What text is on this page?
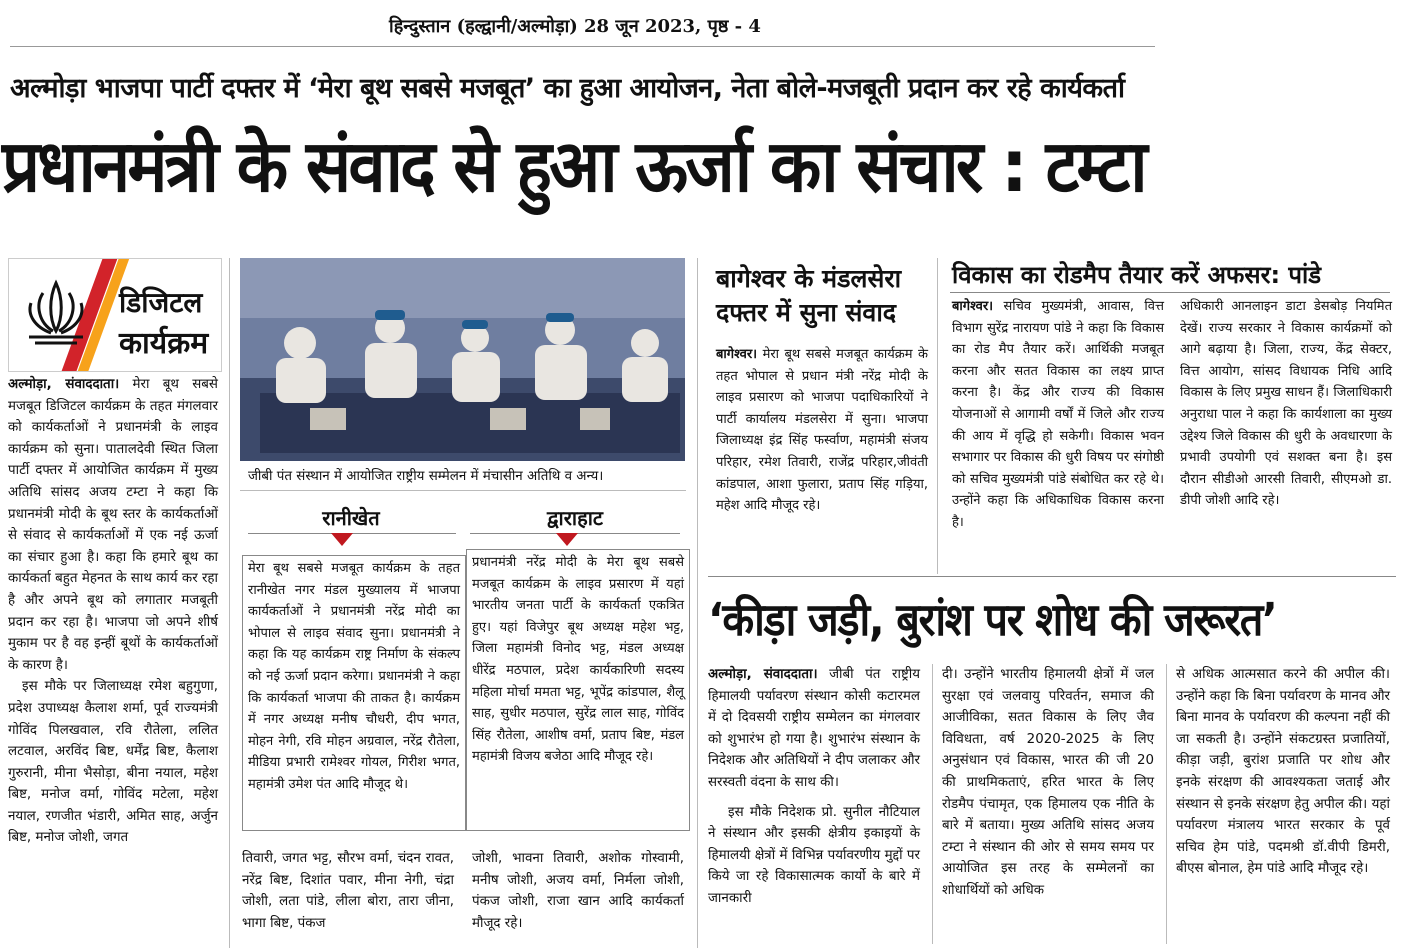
हिन्दुस्तान (हल्द्वानी/अल्मोड़ा) 28 जून 2023, पृष्ठ - 4
अल्मोड़ा भाजपा पार्टी दफ्तर में ‘मेरा बूथ सबसे मजबूत’ का हुआ आयोजन, नेता बोले-मजबूती प्रदान कर रहे कार्यकर्ता
प्रधानमंत्री के संवाद से हुआ ऊर्जा का संचार : टम्टा
डिजिटल
कार्यक्रम

अल्मोड़ा, संवाददाता। मेरा बूथ सबसे मजबूत डिजिटल कार्यक्रम के तहत मंगलवार को कार्यकर्ताओं ने प्रधानमंत्री के लाइव कार्यक्रम को सुना। पातालदेवी स्थित जिला पार्टी दफ्तर में आयोजित कार्यक्रम में मुख्य अतिथि सांसद अजय टम्टा ने कहा कि प्रधानमंत्री मोदी के बूथ स्तर के कार्यकर्ताओं से संवाद से कार्यकर्ताओं में एक नई ऊर्जा का संचार हुआ है। कहा कि हमारे बूथ का कार्यकर्ता बहुत मेहनत के साथ कार्य कर रहा है और अपने बूथ को लगातार मजबूती प्रदान कर रहा है। भाजपा जो अपने शीर्ष मुकाम पर है वह इन्हीं बूथों के कार्यकर्ताओं के कारण है।

इस मौके पर जिलाध्यक्ष रमेश बहुगुणा, प्रदेश उपाध्यक्ष कैलाश शर्मा, पूर्व राज्यमंत्री गोविंद पिलखवाल, रवि रौतेला, ललित लटवाल, अरविंद बिष्ट, धर्मेंद्र बिष्ट, कैलाश गुरुरानी, मीना भैसोड़ा, बीना नयाल, महेश बिष्ट, मनोज वर्मा, गोविंद मटेला, महेश नयाल, रणजीत भंडारी, अमित साह, अर्जुन बिष्ट, मनोज जोशी, जगत

जीबी पंत संस्थान में आयोजित राष्ट्रीय सम्मेलन में मंचासीन अतिथि व अन्य।
रानीखेत

मेरा बूथ सबसे मजबूत कार्यक्रम के तहत रानीखेत नगर मंडल मुख्यालय में भाजपा कार्यकर्ताओं ने प्रधानमंत्री नरेंद्र मोदी का भोपाल से लाइव संवाद सुना। प्रधानमंत्री ने कहा कि यह कार्यक्रम राष्ट्र निर्माण के संकल्प को नई ऊर्जा प्रदान करेगा। प्रधानमंत्री ने कहा कि कार्यकर्ता भाजपा की ताकत है। कार्यक्रम में नगर अध्यक्ष मनीष चौधरी, दीप भगत, मोहन नेगी, रवि मोहन अग्रवाल, नरेंद्र रौतेला, मीडिया प्रभारी रामेश्वर गोयल, गिरीश भगत, महामंत्री उमेश पंत आदि मौजूद थे।

द्वाराहाट

प्रधानमंत्री नरेंद्र मोदी के मेरा बूथ सबसे मजबूत कार्यक्रम के लाइव प्रसारण में यहां भारतीय जनता पार्टी के कार्यकर्ता एकत्रित हुए। यहां विजेपुर बूथ अध्यक्ष महेश भट्ट, जिला महामंत्री विनोद भट्ट, मंडल अध्यक्ष धीरेंद्र मठपाल, प्रदेश कार्यकारिणी सदस्य महिला मोर्चा ममता भट्ट, भूपेंद्र कांडपाल, शैलू साह, सुधीर मठपाल, सुरेंद्र लाल साह, गोविंद सिंह रौतेला, आशीष वर्मा, प्रताप बिष्ट, मंडल महामंत्री विजय बजेठा आदि मौजूद रहे।

तिवारी, जगत भट्ट, सौरभ वर्मा, चंदन रावत, नरेंद्र बिष्ट, दिशांत पवार, मीना नेगी, चंद्रा जोशी, लता पांडे, लीला बोरा, तारा जीना, भागा बिष्ट, पंकज
जोशी, भावना तिवारी, अशोक गोस्वामी, मनीष जोशी, अजय वर्मा, निर्मला जोशी, पंकज जोशी, राजा खान आदि कार्यकर्ता मौजूद रहे।
बागेश्वर के मंडलसेरा दफ्तर में सुना संवाद

बागेश्वर। मेरा बूथ सबसे मजबूत कार्यक्रम के तहत भोपाल से प्रधान मंत्री नरेंद्र मोदी के लाइव प्रसारण को भाजपा पदाधिकारियों ने पार्टी कार्यालय मंडलसेरा में सुना। भाजपा जिलाध्यक्ष इंद्र सिंह फर्स्वाण, महामंत्री संजय परिहार, रमेश तिवारी, राजेंद्र परिहार,जीवंती कांडपाल, आशा फुलारा, प्रताप सिंह गड़िया, महेश आदि मौजूद रहे।

विकास का रोडमैप तैयार करें अफसर: पांडे

बागेश्वर। सचिव मुख्यमंत्री, आवास, वित्त विभाग सुरेंद्र नारायण पांडे ने कहा कि विकास का रोड मैप तैयार करें। आर्थिकी मजबूत करना और सतत विकास का लक्ष्य प्राप्त करना है। केंद्र और राज्य की विकास योजनाओं से आगामी वर्षों में जिले और राज्य की आय में वृद्धि हो सकेगी। विकास भवन सभागार पर विकास की धुरी विषय पर संगोष्ठी को सचिव मुख्यमंत्री पांडे संबोधित कर रहे थे। उन्होंने कहा कि अधिकाधिक विकास करना है।

अधिकारी आनलाइन डाटा डेसबोड़ नियमित देखें। राज्य सरकार ने विकास कार्यक्रमों को आगे बढ़ाया है। जिला, राज्य, केंद्र सेक्टर, वित्त आयोग, सांसद विधायक निधि आदि विकास के लिए प्रमुख साधन हैं। जिलाधिकारी अनुराधा पाल ने कहा कि कार्यशाला का मुख्य उद्देश्य जिले विकास की धुरी के अवधारणा के प्रभावी उपयोगी एवं सशक्त बना है। इस दौरान सीडीओ आरसी तिवारी, सीएमओ डा. डीपी जोशी आदि रहे।
‘कीड़ा जड़ी, बुरांश पर शोध की जरूरत’

अल्मोड़ा, संवाददाता। जीबी पंत राष्ट्रीय हिमालयी पर्यावरण संस्थान कोसी कटारमल में दो दिवसयी राष्ट्रीय सम्मेलन का मंगलवार को शुभारंभ हो गया है। शुभारंभ संस्थान के निदेशक और अतिथियों ने दीप जलाकर और सरस्वती वंदना के साथ की।

इस मौके निदेशक प्रो. सुनील नौटियाल ने संस्थान और इसकी क्षेत्रीय इकाइयों के हिमालयी क्षेत्रों में विभिन्न पर्यावरणीय मुद्दों पर किये जा रहे विकासात्मक कार्यो के बारे में जानकारी

दी। उन्होंने भारतीय हिमालयी क्षेत्रों में जल सुरक्षा एवं जलवायु परिवर्तन, समाज की आजीविका, सतत विकास के लिए जैव विविधता, वर्ष 2020-2025 के लिए अनुसंधान एवं विकास, भारत की जी 20 की प्राथमिकताएं, हरित भारत के लिए रोडमैप पंचामृत, एक हिमालय एक नीति के बारे में बताया। मुख्य अतिथि सांसद अजय टम्टा ने संस्थान की ओर से समय समय पर आयोजित इस तरह के सम्मेलनों का शोधार्थियों को अधिक
से अधिक आत्मसात करने की अपील की। उन्होंने कहा कि बिना पर्यावरण के मानव और बिना मानव के पर्यावरण की कल्पना नहीं की जा सकती है। उन्होंने संकटग्रस्त प्रजातियों, कीड़ा जड़ी, बुरांश प्रजाति पर शोध और इनके संरक्षण की आवश्यकता जताई और संस्थान से इनके संरक्षण हेतु अपील की। यहां पर्यावरण मंत्रालय भारत सरकार के पूर्व सचिव हेम पांडे, पदमश्री डॉ.वीपी डिमरी, बीएस बोनाल, हेम पांडे आदि मौजूद रहे।
